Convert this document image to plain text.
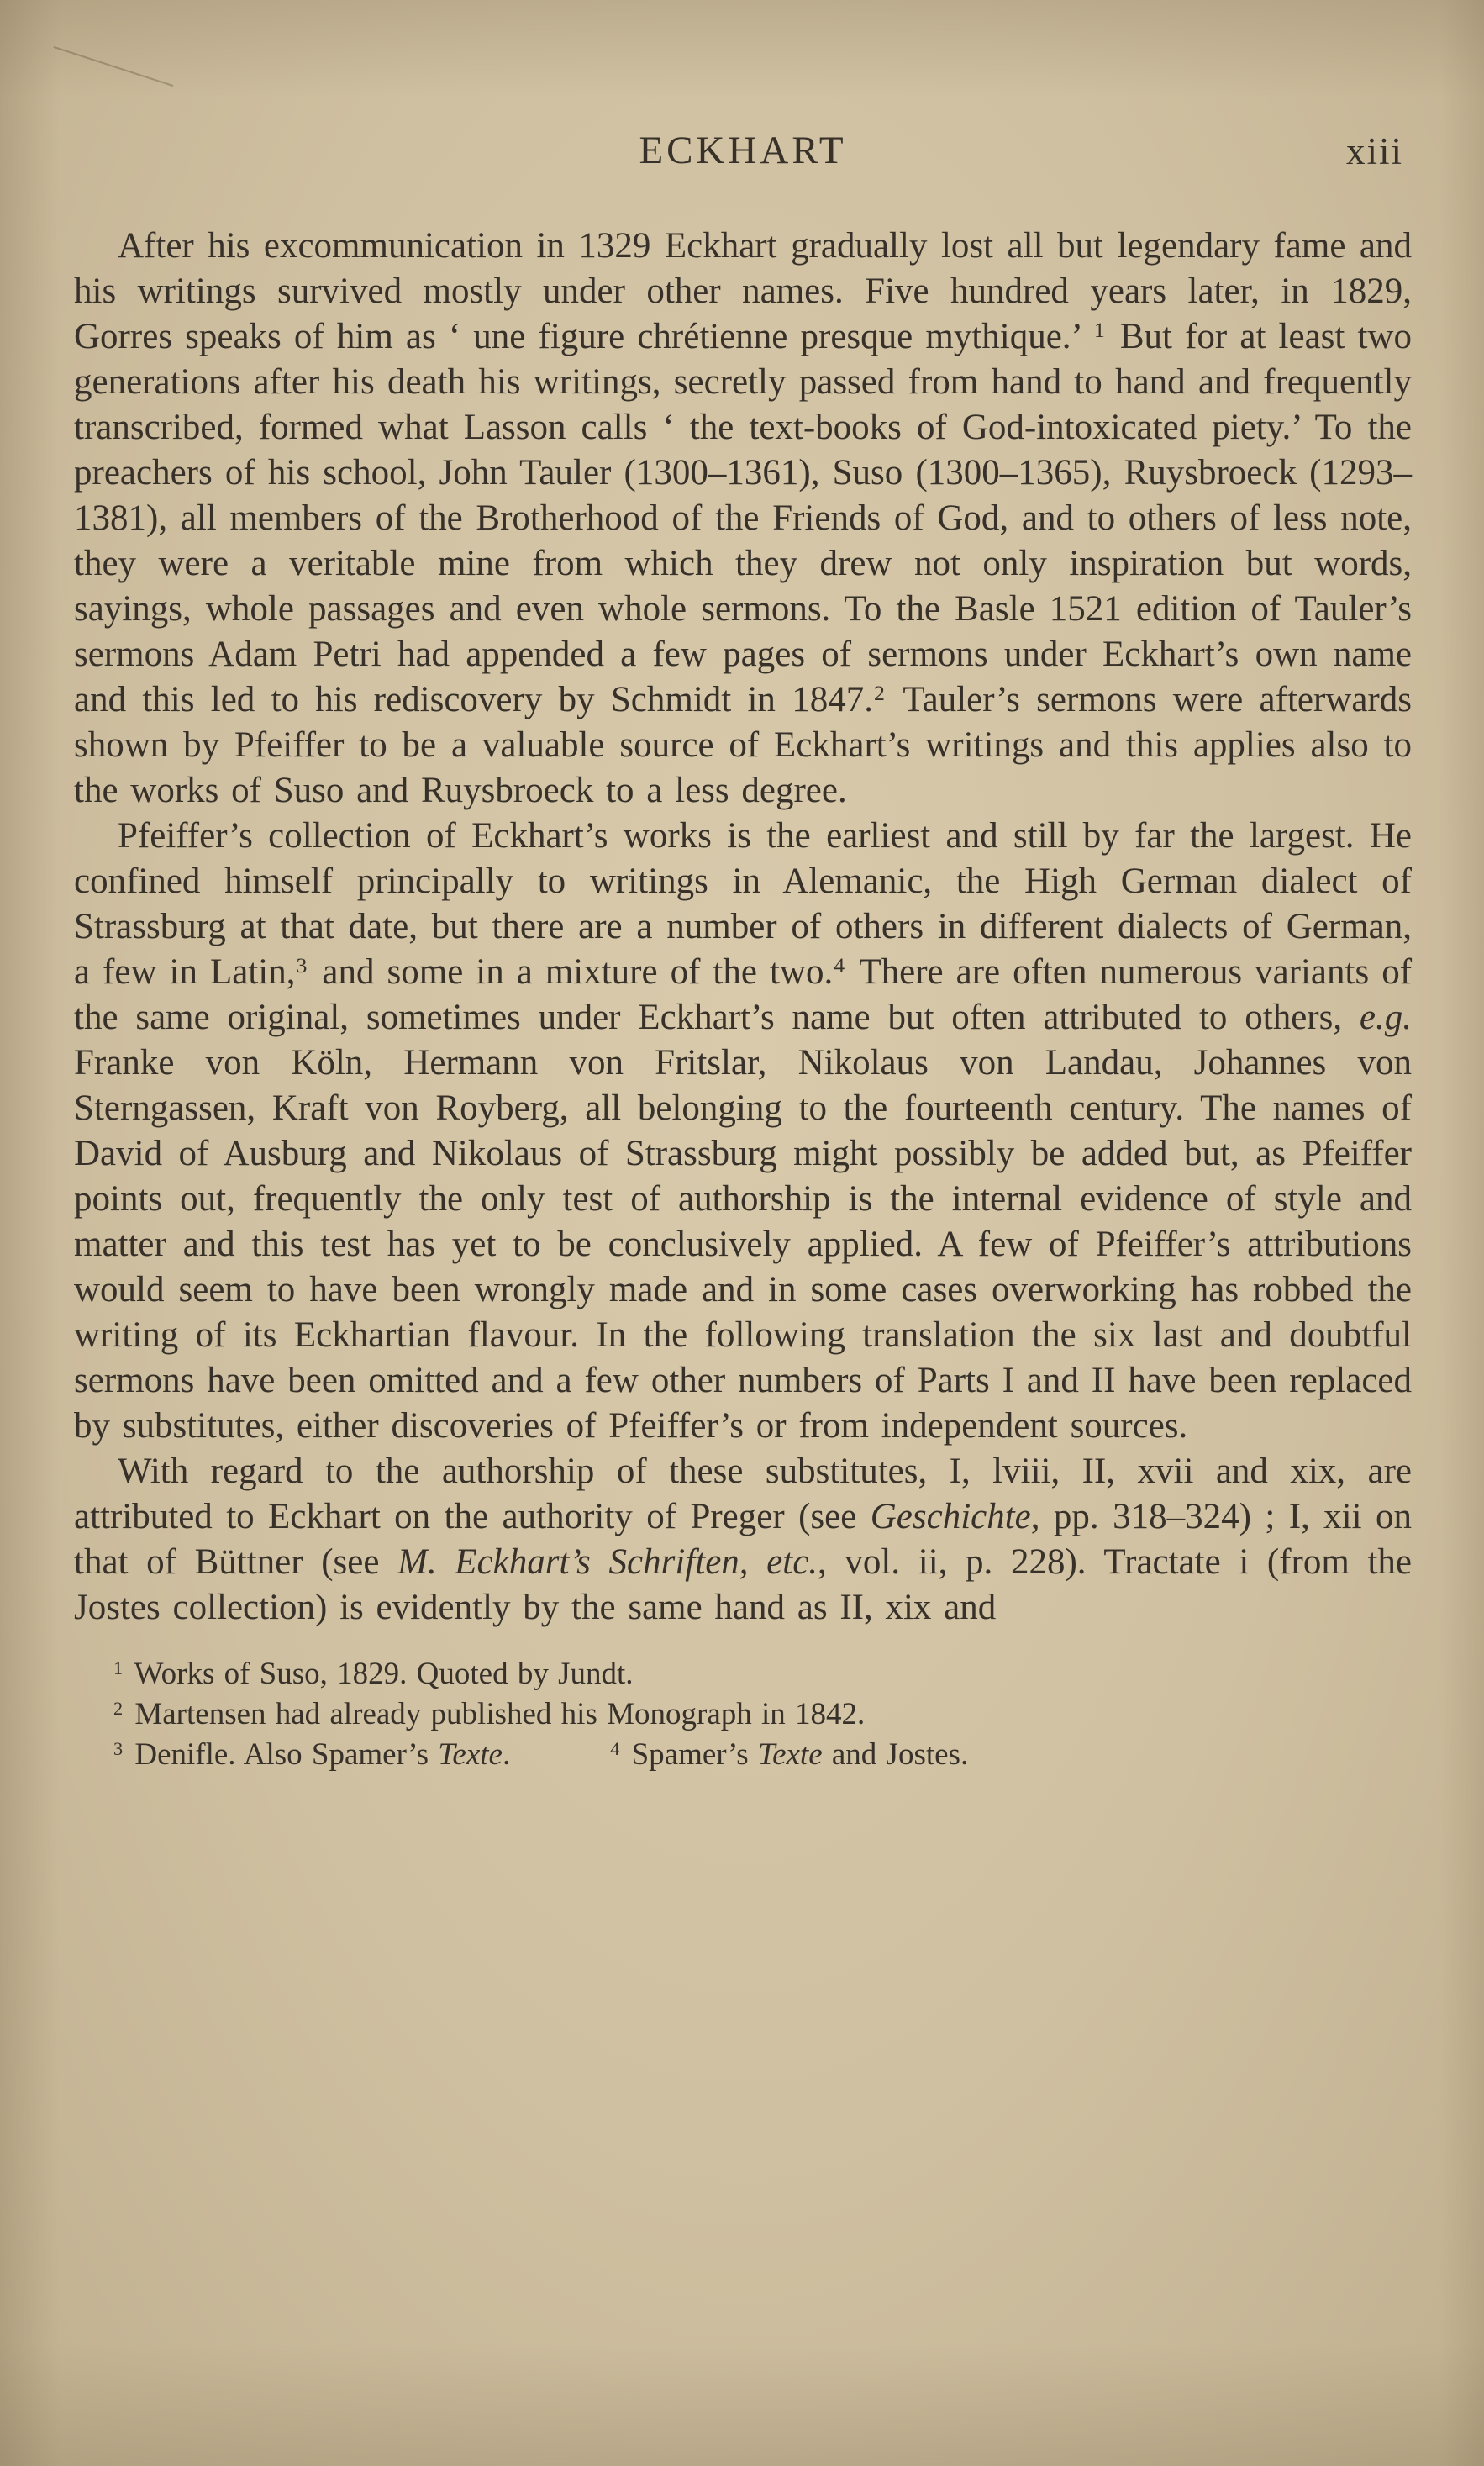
ECKHART	xiii

After his excommunication in 1329 Eckhart gradually lost all but legendary fame and his writings survived mostly under other names. Five hundred years later, in 1829, Gorres speaks of him as ‘ une figure chrétienne presque mythique.’ $^1$ But for at least two generations after his death his writings, secretly passed from hand to hand and frequently transcribed, formed what Lasson calls ‘ the text-books of God-intoxicated piety.’ To the preachers of his school, John Tauler (1300–1361), Suso (1300–1365), Ruysbroeck (1293–1381), all members of the Brotherhood of the Friends of God, and to others of less note, they were a veritable mine from which they drew not only inspiration but words, sayings, whole passages and even whole sermons. To the Basle 1521 edition of Tauler’s sermons Adam Petri had appended a few pages of sermons under Eckhart’s own name and this led to his rediscovery by Schmidt in 1847.$^2$ Tauler’s sermons were afterwards shown by Pfeiffer to be a valuable source of Eckhart’s writings and this applies also to the works of Suso and Ruysbroeck to a less degree.

Pfeiffer’s collection of Eckhart’s works is the earliest and still by far the largest. He confined himself principally to writings in Alemanic, the High German dialect of Strassburg at that date, but there are a number of others in different dialects of German, a few in Latin,$^3$ and some in a mixture of the two.$^4$ There are often numerous variants of the same original, sometimes under Eckhart’s name but often attributed to others, e.g. Franke von Köln, Hermann von Fritslar, Nikolaus von Landau, Johannes von Sterngassen, Kraft von Royberg, all belonging to the fourteenth century. The names of David of Ausburg and Nikolaus of Strassburg might possibly be added but, as Pfeiffer points out, frequently the only test of authorship is the internal evidence of style and matter and this test has yet to be conclusively applied. A few of Pfeiffer’s attributions would seem to have been wrongly made and in some cases overworking has robbed the writing of its Eckhartian flavour. In the following translation the six last and doubtful sermons have been omitted and a few other numbers of Parts I and II have been replaced by substitutes, either discoveries of Pfeiffer’s or from independent sources.

With regard to the authorship of these substitutes, I, lviii, II, xvii and xix, are attributed to Eckhart on the authority of Preger (see Geschichte, pp. 318–324) ; I, xii on that of Büttner (see M. Eckhart’s Schriften, etc., vol. ii, p. 228). Tractate i (from the Jostes collection) is evidently by the same hand as II, xix and

$^1$ Works of Suso, 1829. Quoted by Jundt.
$^2$ Martensen had already published his Monograph in 1842.
$^3$ Denifle. Also Spamer’s Texte.	$^4$ Spamer’s Texte and Jostes.
